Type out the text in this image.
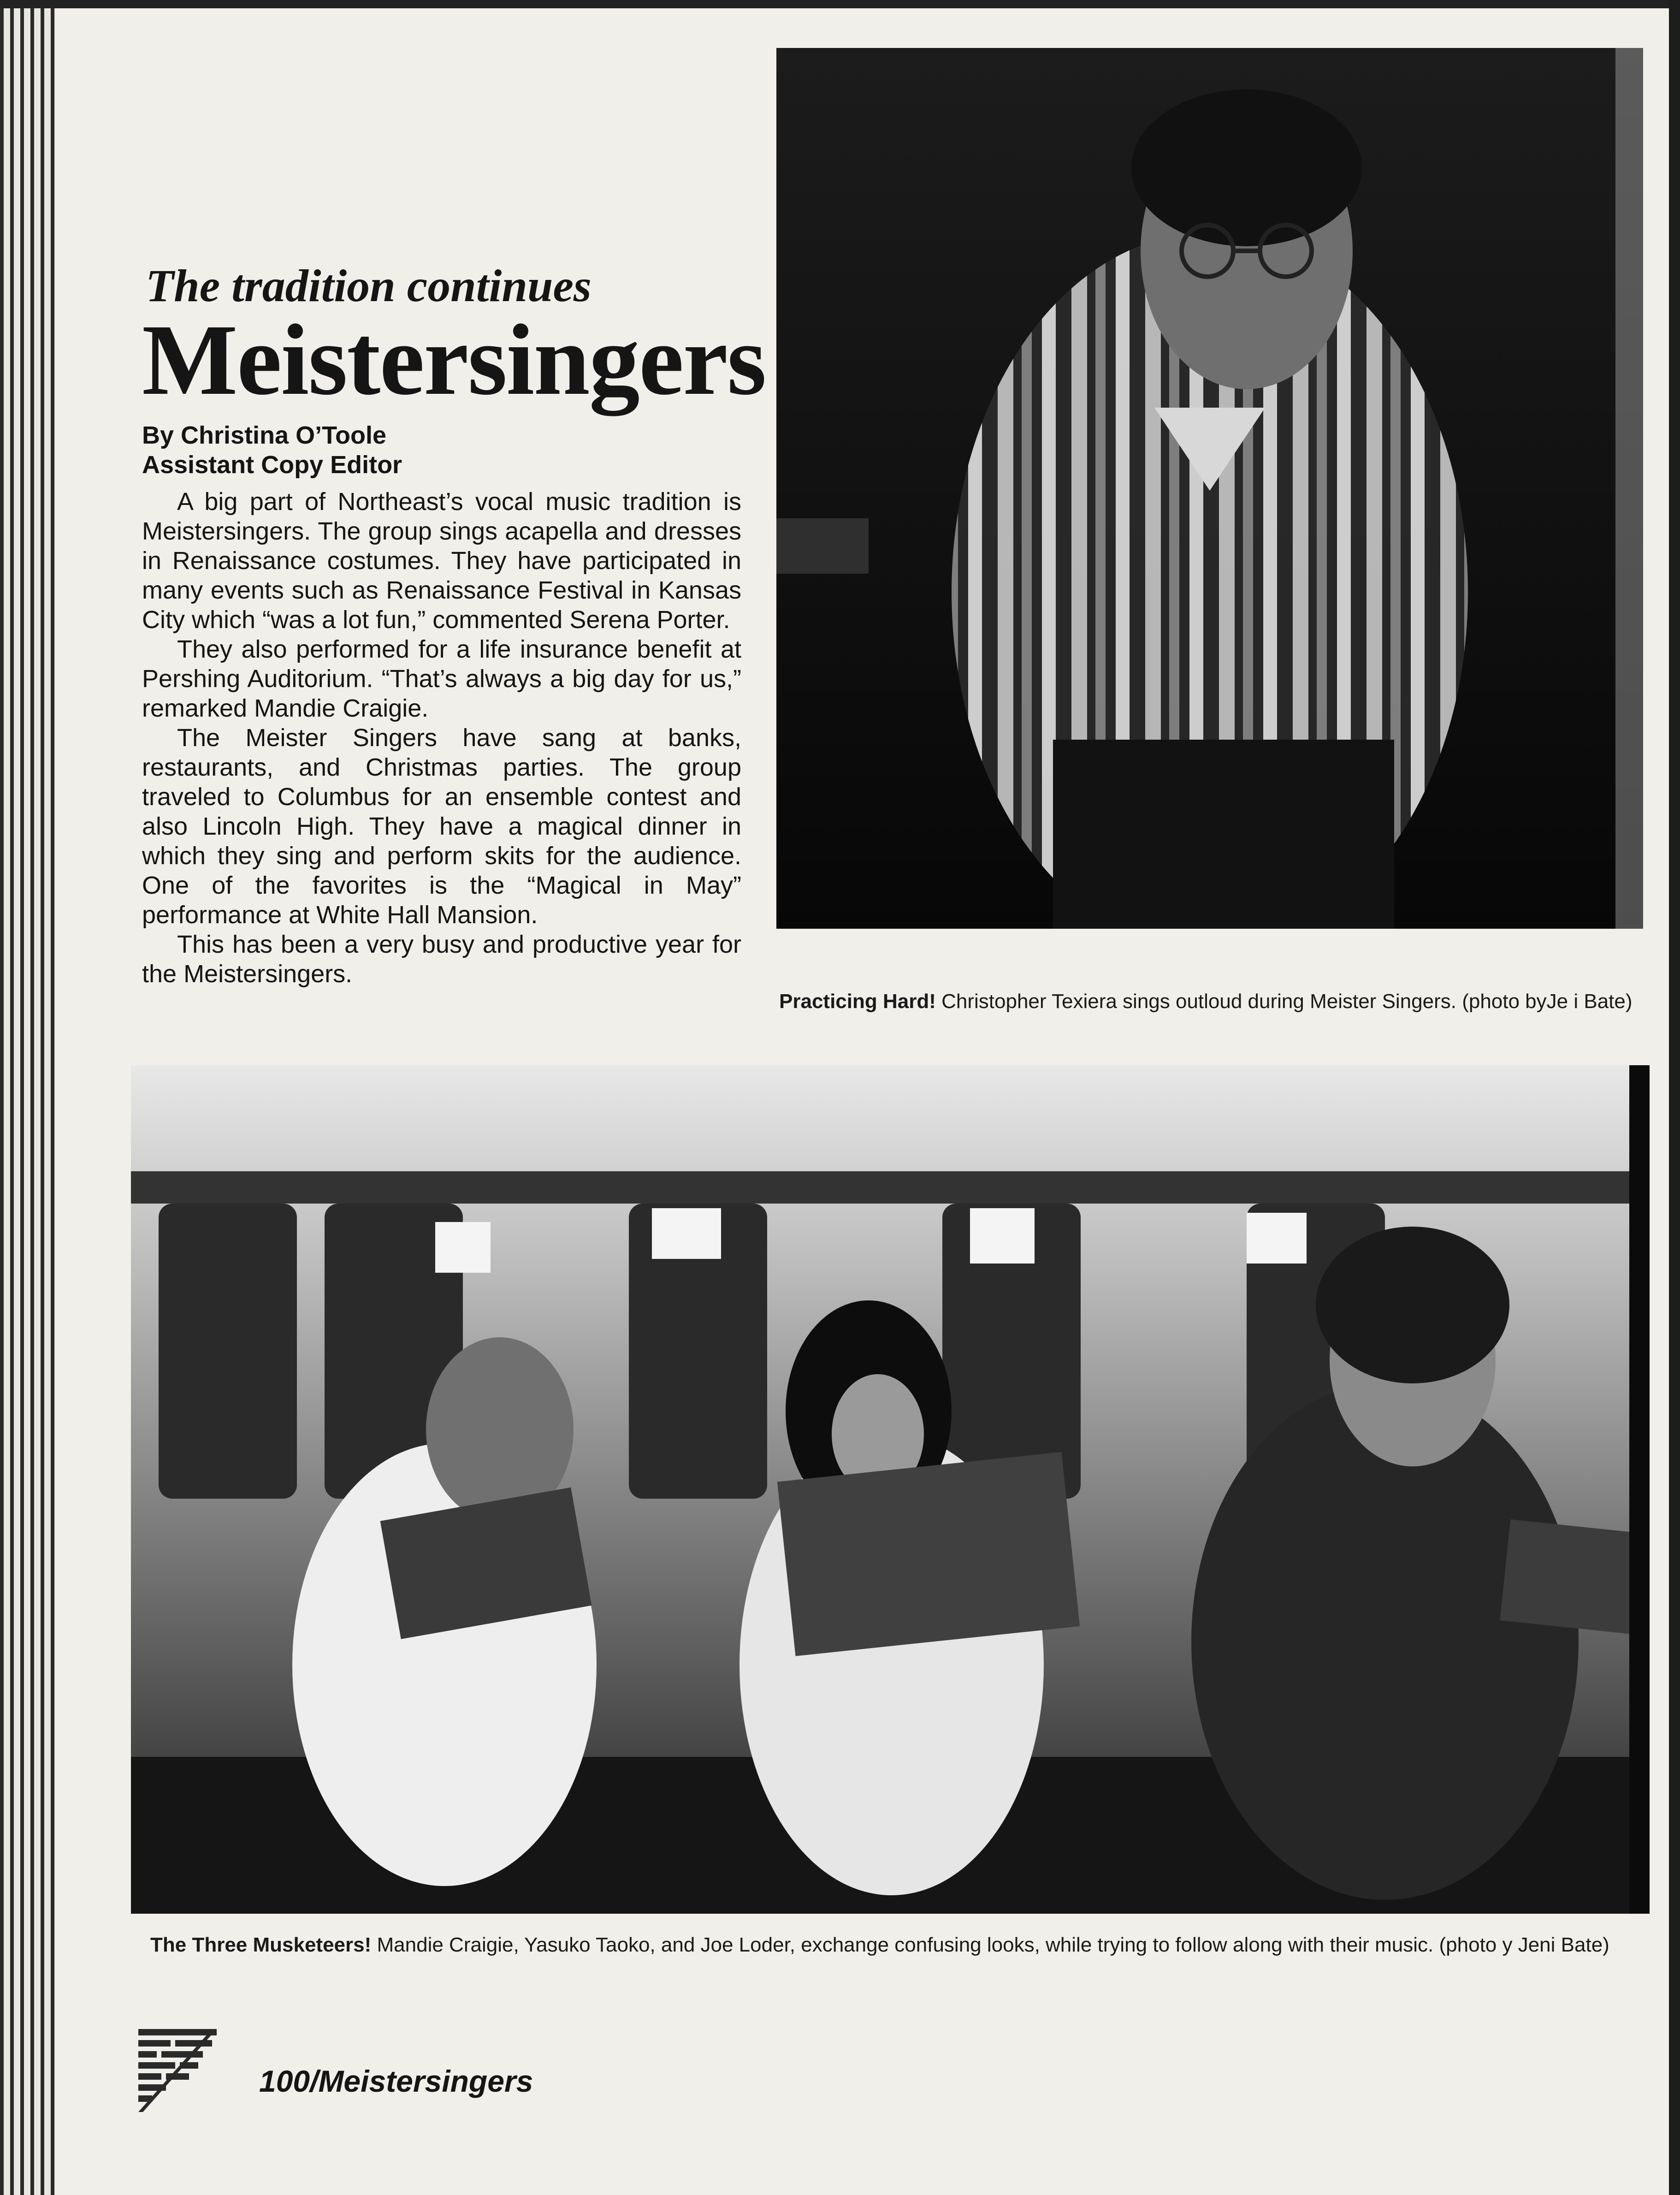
The tradition continues
Meistersingers
By Christina O’Toole
Assistant Copy Editor

A big part of Northeast’s vocal music tradition is Meistersingers. The group sings acapella and dresses in Renaissance costumes. They have participated in many events such as Renaissance Festival in Kansas City which “was a lot fun,” commented Serena Porter.

They also performed for a life insurance benefit at Pershing Auditorium. “That’s always a big day for us,” remarked Mandie Craigie.

The Meister Singers have sang at banks, restaurants, and Christmas parties. The group traveled to Columbus for an ensemble contest and also Lincoln High. They have a magical dinner in which they sing and perform skits for the audience. One of the favorites is the “Magical in May” performance at White Hall Mansion.

This has been a very busy and productive year for the Meistersingers.

Practicing Hard! Christopher Texiera sings outloud during Meister Singers. (photo byJe i Bate)
The Three Musketeers! Mandie Craigie, Yasuko Taoko, and Joe Loder, exchange confusing looks, while trying to follow along with their music. (photo y Jeni Bate)
100/Meistersingers
